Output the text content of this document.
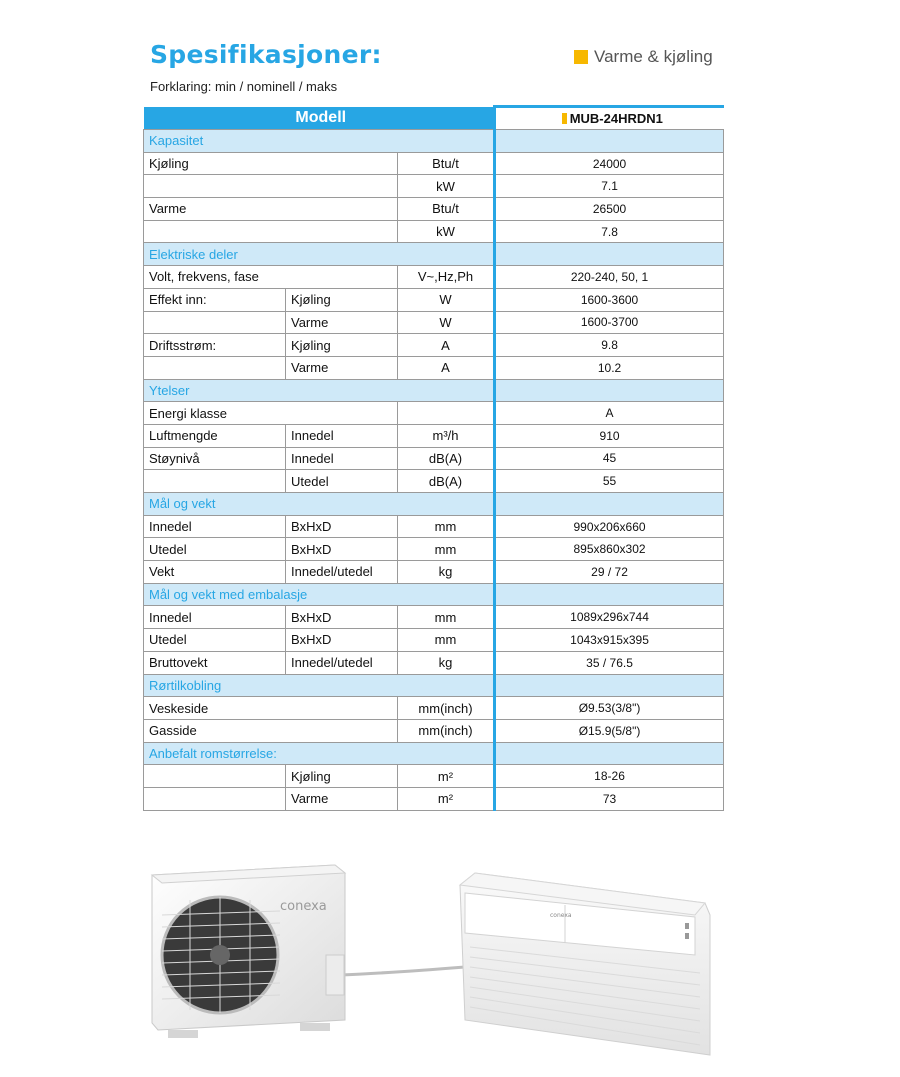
Spesifikasjoner:
Forklaring: min / nominell / maks
Varme & kjøling
Modell			MUB-24HRDN1
Kapasitet			
Kjøling		Btu/t	24000
		kW	7.1
Varme		Btu/t	26500
		kW	7.8
Elektriske deler			
Volt, frekvens, fase		V~,Hz,Ph	220-240, 50, 1
Effekt inn:	Kjøling	W	1600-3600
	Varme	W	1600-3700
Driftsstrøm:	Kjøling	A	9.8
	Varme	A	10.2
Ytelser			
Energi klasse			A
Luftmengde	Innedel	m³/h	910
Støynivå	Innedel	dB(A)	45
	Utedel	dB(A)	55
Mål og vekt			
Innedel	BxHxD	mm	990x206x660
Utedel	BxHxD	mm	895x860x302
Vekt	Innedel/utedel	kg	29 / 72
Mål og vekt med embalasje			
Innedel	BxHxD	mm	1089x296x744
Utedel	BxHxD	mm	1043x915x395
Bruttovekt	Innedel/utedel	kg	35 / 76.5
Rørtilkobling			
Veskeside		mm(inch)	Ø9.53(3/8")
Gasside		mm(inch)	Ø15.9(5/8")
Anbefalt romstørrelse:			
	Kjøling	m²	18-26
	Varme	m²	73
conexa
conexa
